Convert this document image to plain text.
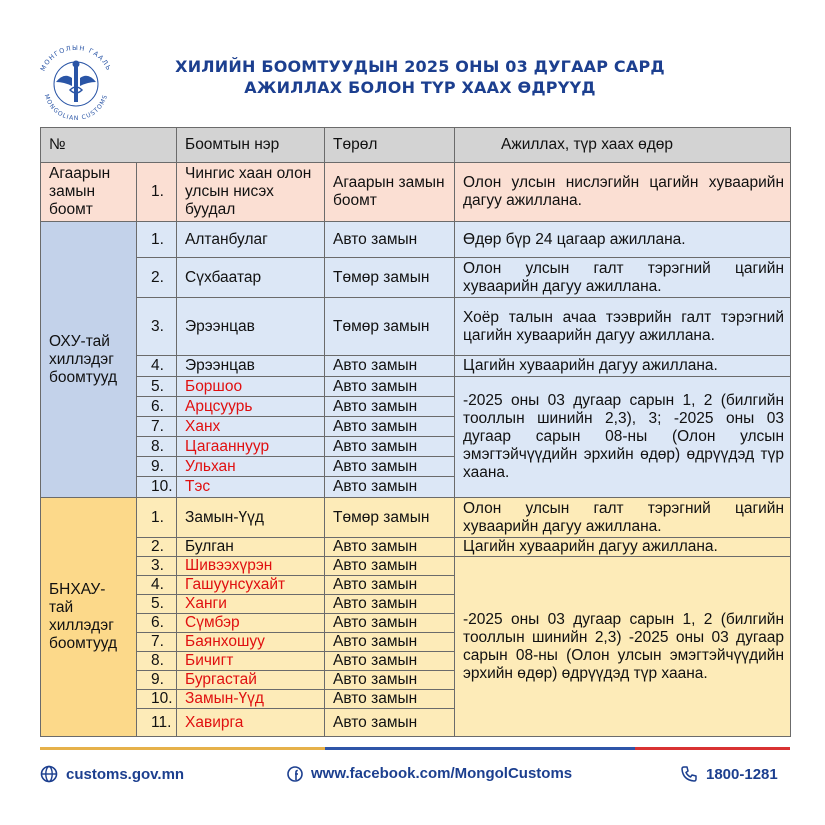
МОНГОЛЫН ГААЛЬ
MONGOLIAN CUSTOMS
ХИЛИЙН БООМТУУДЫН 2025 ОНЫ 03 ДУГААР САРД
АЖИЛЛАХ БОЛОН ТҮР ХААХ ӨДРҮҮД
№		Боомтын нэр	Төрөл	Ажиллах, түр хаах өдөр
Агаарын замын боомт	1.	Чингис хаан олон улсын нисэх буудал	Агаарын замын боомт	Олон улсын нислэгийн цагийн хуваарийн дагуу ажиллана.
ОХУ-тай хиллэдэг боомтууд	1.	Алтанбулаг	Авто замын	Өдөр бүр 24 цагаар ажиллана.
	2.	Сүхбаатар	Төмөр замын	Олон улсын галт тэрэгний цагийн хуваарийн дагуу ажиллана.
	3.	Эрээнцав	Төмөр замын	Хоёр талын ачаа тээврийн галт тэрэгний цагийн хуваарийн дагуу ажиллана.
	4.	Эрээнцав	Авто замын	Цагийн хуваарийн дагуу ажиллана.
	5.	Боршоо	Авто замын	-2025 оны 03 дугаар сарын 1, 2 (билгийн тооллын шинийн 2,3), 3; -2025 оны 03 дугаар сарын 08-ны (Олон улсын эмэгтэйчүүдийн эрхийн өдөр) өдрүүдэд түр хаана.
	6.	Арцсуурь	Авто замын	
	7.	Ханх	Авто замын	
	8.	Цагааннуур	Авто замын	
	9.	Ульхан	Авто замын	
	10.	Тэс	Авто замын	
БНХАУ-тай хиллэдэг боомтууд	1.	Замын-Үүд	Төмөр замын	Олон улсын галт тэрэгний цагийн хуваарийн дагуу ажиллана.
	2.	Булган	Авто замын	Цагийн хуваарийн дагуу ажиллана.
	3.	Шивээхүрэн	Авто замын	-2025 оны 03 дугаар сарын 1, 2 (билгийн тооллын шинийн 2,3) -2025 оны 03 дугаар сарын 08-ны (Олон улсын эмэгтэйчүүдийн эрхийн өдөр) өдрүүдэд түр хаана.
	4.	Гашуунсухайт	Авто замын	
	5.	Ханги	Авто замын	
	6.	Сүмбэр	Авто замын	
	7.	Баянхошуу	Авто замын	
	8.	Бичигт	Авто замын	
	9.	Бургастай	Авто замын	
	10.	Замын-Үүд	Авто замын	
	11.	Хавирга	Авто замын	
customs.gov.mn	www.facebook.com/MongolCustoms	1800-1281
